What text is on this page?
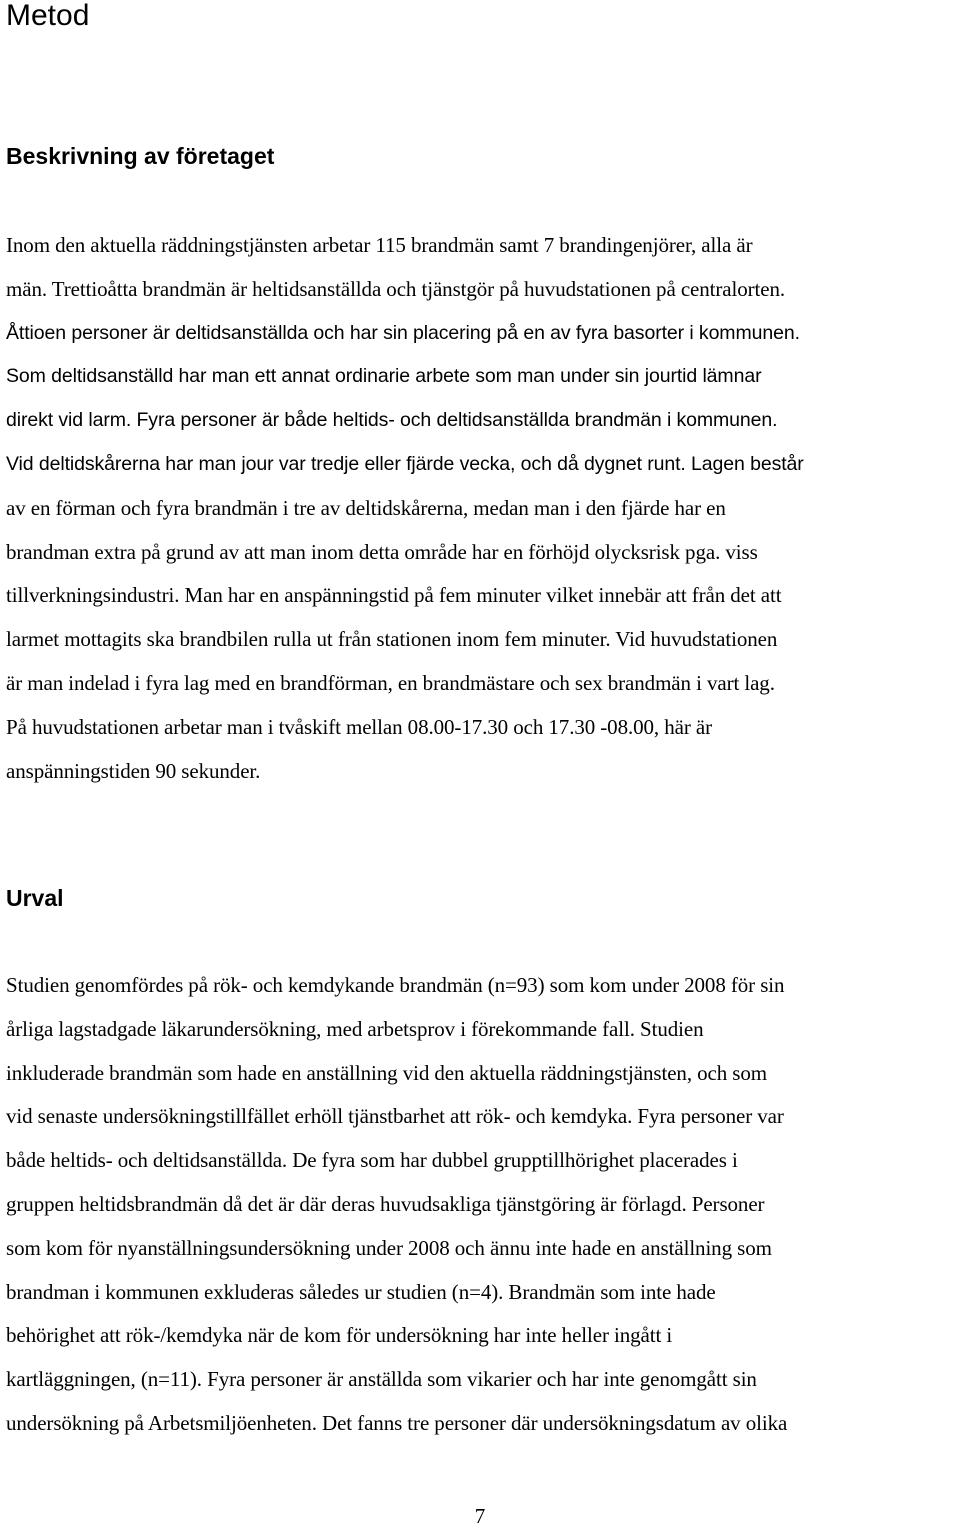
Metod
Beskrivning av företaget
Inom den aktuella räddningstjänsten arbetar 115 brandmän samt 7 brandingenjörer, alla är
män. Trettioåtta brandmän är heltidsanställda och tjänstgör på huvudstationen på centralorten.
Åttioen personer är deltidsanställda och har sin placering på en av fyra basorter i kommunen.
Som deltidsanställd har man ett annat ordinarie arbete som man under sin jourtid lämnar
direkt vid larm. Fyra personer är både heltids- och deltidsanställda brandmän i kommunen.
Vid deltidskårerna har man jour var tredje eller fjärde vecka, och då dygnet runt. Lagen består
av en förman och fyra brandmän i tre av deltidskårerna, medan man i den fjärde har en
brandman extra på grund av att man inom detta område har en förhöjd olycksrisk pga. viss
tillverkningsindustri. Man har en anspänningstid på fem minuter vilket innebär att från det att
larmet mottagits ska brandbilen rulla ut från stationen inom fem minuter. Vid huvudstationen
är man indelad i fyra lag med en brandförman, en brandmästare och sex brandmän i vart lag.
På huvudstationen arbetar man i tvåskift mellan 08.00-17.30 och 17.30 -08.00, här är
anspänningstiden 90 sekunder.
Urval
Studien genomfördes på rök- och kemdykande brandmän (n=93) som kom under 2008 för sin
årliga lagstadgade läkarundersökning, med arbetsprov i förekommande fall. Studien
inkluderade brandmän som hade en anställning vid den aktuella räddningstjänsten, och som
vid senaste undersökningstillfället erhöll tjänstbarhet att rök- och kemdyka. Fyra personer var
både heltids- och deltidsanställda. De fyra som har dubbel grupptillhörighet placerades i
gruppen heltidsbrandmän då det är där deras huvudsakliga tjänstgöring är förlagd. Personer
som kom för nyanställningsundersökning under 2008 och ännu inte hade en anställning som
brandman i kommunen exkluderas således ur studien (n=4). Brandmän som inte hade
behörighet att rök-/kemdyka när de kom för undersökning har inte heller ingått i
kartläggningen, (n=11). Fyra personer är anställda som vikarier och har inte genomgått sin
undersökning på Arbetsmiljöenheten. Det fanns tre personer där undersökningsdatum av olika
7
